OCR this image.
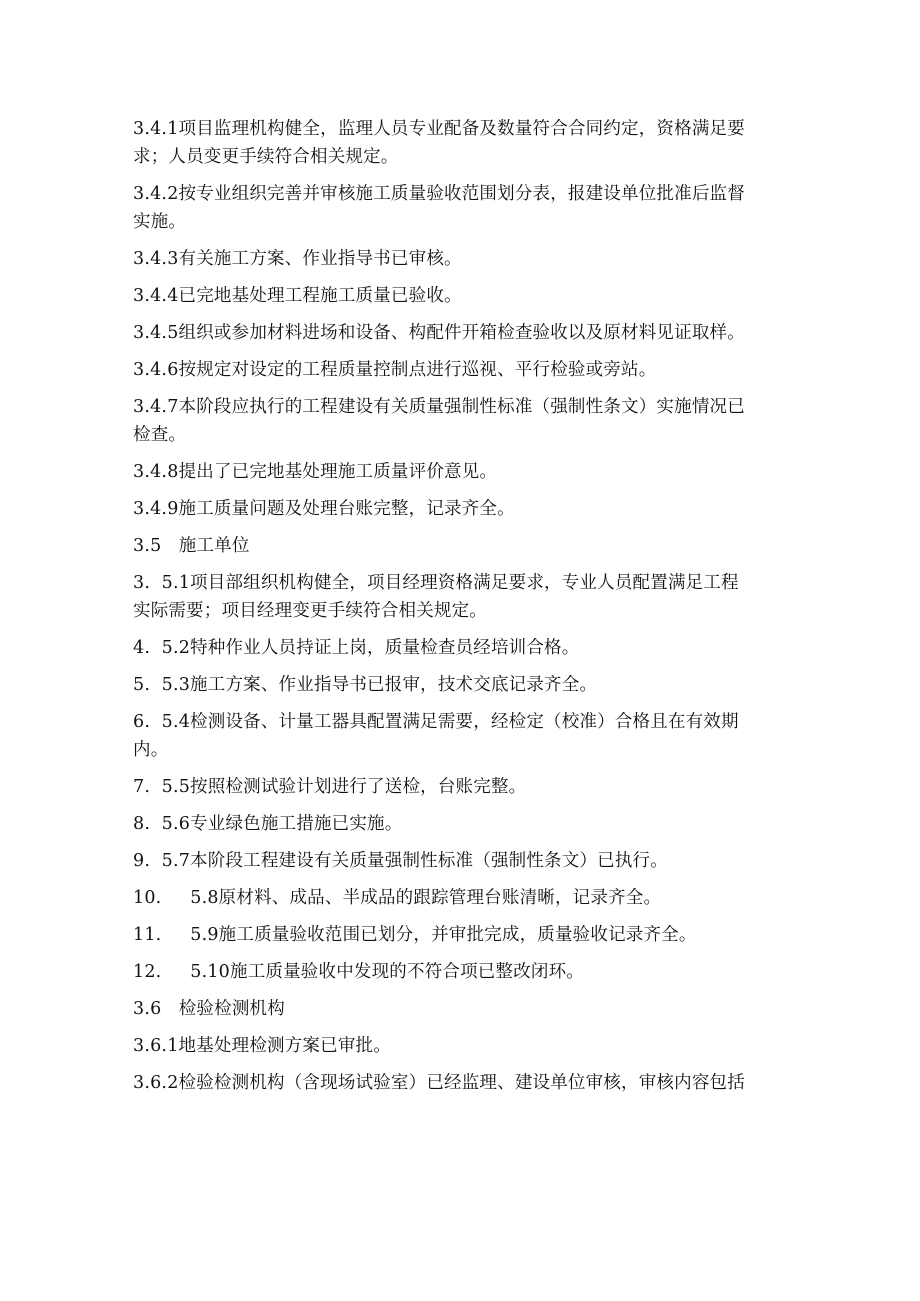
3.4.1项目监理机构健全，监理人员专业配备及数量符合合同约定，资格满足要

求；人员变更手续符合相关规定。

3.4.2按专业组织完善并审核施工质量验收范围划分表，报建设单位批准后监督

实施。

3.4.3有关施工方案、作业指导书已审核。

3.4.4已完地基处理工程施工质量已验收。

3.4.5组织或参加材料进场和设备、构配件开箱检查验收以及原材料见证取样。

3.4.6按规定对设定的工程质量控制点进行巡视、平行检验或旁站。

3.4.7本阶段应执行的工程建设有关质量强制性标准（强制性条文）实施情况已

检查。

3.4.8提出了已完地基处理施工质量评价意见。

3.4.9施工质量问题及处理台账完整，记录齐全。

3.5   施工单位

3.  5.1项目部组织机构健全，项目经理资格满足要求，专业人员配置满足工程

实际需要；项目经理变更手续符合相关规定。

4.  5.2特种作业人员持证上岗，质量检查员经培训合格。

5.  5.3施工方案、作业指导书已报审，技术交底记录齐全。

6.  5.4检测设备、计量工器具配置满足需要，经检定（校准）合格且在有效期

内。

7.  5.5按照检测试验计划进行了送检，台账完整。

8.  5.6专业绿色施工措施已实施。

9.  5.7本阶段工程建设有关质量强制性标准（强制性条文）已执行。

10.     5.8原材料、成品、半成品的跟踪管理台账清晰，记录齐全。

11.     5.9施工质量验收范围已划分，并审批完成，质量验收记录齐全。

12.     5.10施工质量验收中发现的不符合项已整改闭环。

3.6   检验检测机构

3.6.1地基处理检测方案已审批。

3.6.2检验检测机构（含现场试验室）已经监理、建设单位审核，审核内容包括
